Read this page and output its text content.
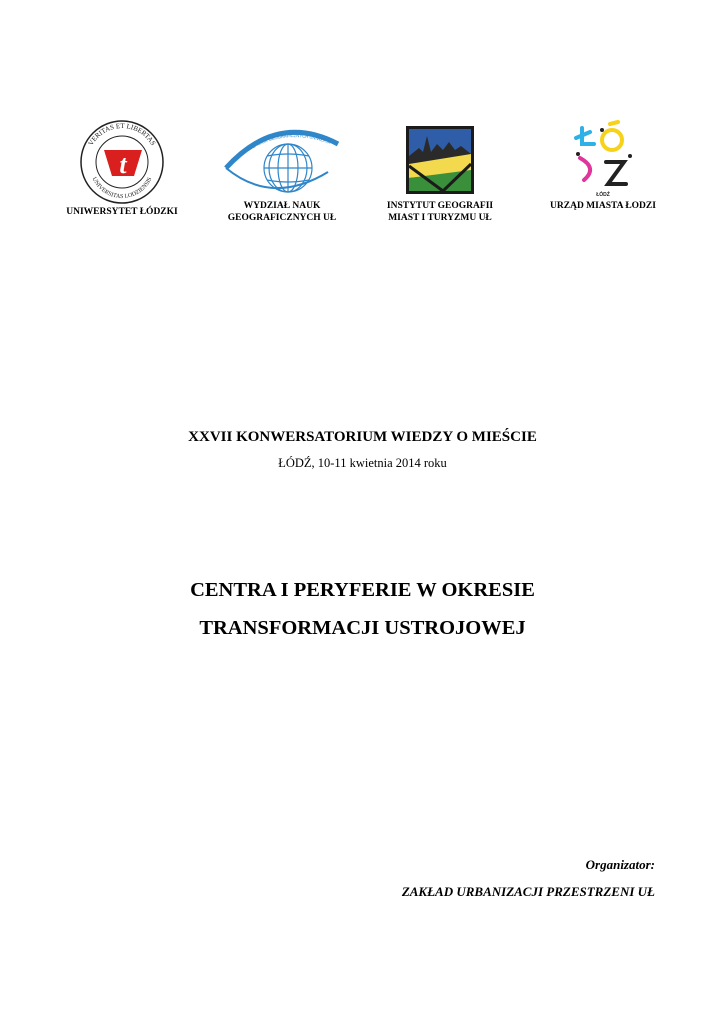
VERITAS ET LIBERTAS
UNIVERSITAS LODZIENSIS
t
UNIWERSYTET ŁÓDZKI
WYDZIAŁ NAUK GEOGRAFICZNYCH UNIWERSY
WYDZIAŁ NAUK
GEOGRAFICZNYCH UŁ
INSTYTUT GEOGRAFII
MIAST I TURYZMU UŁ
ŁÓDŹ
URZĄD MIASTA ŁODZI
XXVII KONWERSATORIUM WIEDZY O MIEŚCIE
ŁÓDŹ, 10-11 kwietnia 2014 roku
CENTRA I PERYFERIE W OKRESIE
TRANSFORMACJI USTROJOWEJ
Organizator:
ZAKŁAD URBANIZACJI PRZESTRZENI UŁ
